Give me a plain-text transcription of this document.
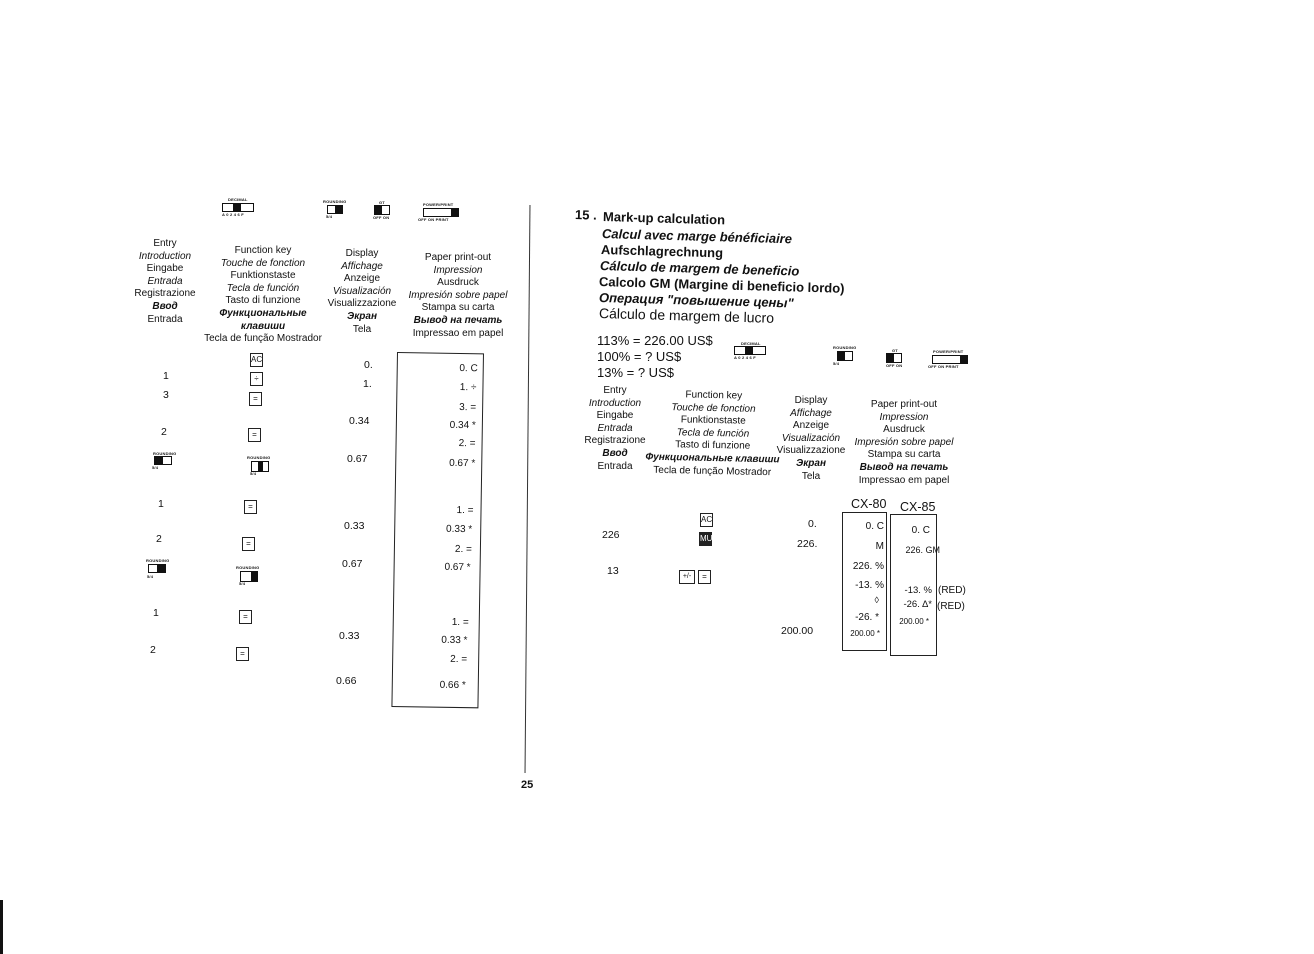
DECIMAL
A 0 2 4 6 F
ROUNDING
5/4
GT
OFF ON
POWER/PRINT
OFF ON PRINT
Entry
Introduction
Eingabe
Entrada
Registrazione
Ввод
Entrada
Function key
Touche de fonction
Funktionstaste
Tecla de función
Tasto di funzione
Функциональные клавиши
Tecla de função Mostrador
Display
Affichage
Anzeige
Visualización
Visualizzazione
Экран
Tela
Paper print-out
Impression
Ausdruck
Impresión sobre papel
Stampa su carta
Вывод на печать
Impressao em papel
1
3
2
1
2
1
2
ROUNDING
5/4
ROUNDING
5/4
ROUNDING
5/4
ROUNDING
5/4
AC
÷
=
=
=
=
=
=
0.
1.
0.34
0.67
0.33
0.67
0.33
0.66
0. C
1. ÷
3. =
0.34 *
2. =
0.67 *
1. =
0.33 *
2. =
0.67 *
1. =
0.33 *
2. =
0.66 *
15 . Mark-up calculation
Calcul avec marge bénéficiaire
Aufschlagrechnung
Cálculo de margem de beneficio
Calcolo GM (Margine di beneficio lordo)
Операция "повышение цены"
Cálculo de margem de lucro
113% = 226.00 US$
100% = ? US$
13% = ? US$
DECIMAL
A 0 2 4 6 F
ROUNDING
5/4
GT
OFF ON
POWER/PRINT
OFF ON PRINT
Entry
Introduction
Eingabe
Entrada
Registrazione
Ввод
Entrada
Function key
Touche de fonction
Funktionstaste
Tecla de función
Tasto di funzione
Функциональные клавиши
Tecla de função Mostrador
Display
Affichage
Anzeige
Visualización
Visualizzazione
Экран
Tela
Paper print-out
Impression
Ausdruck
Impresión sobre papel
Stampa su carta
Вывод на печать
Impressao em papel
226
13
AC
MU
+/-	=
0.
226.
200.00
CX-80 CX-85
0. C
M
226. %
-13. %
◊
-26. *
200.00 *
0. C
226. GM
-13. %
-26. Δ*
200.00 *
(RED)
(RED)
25
